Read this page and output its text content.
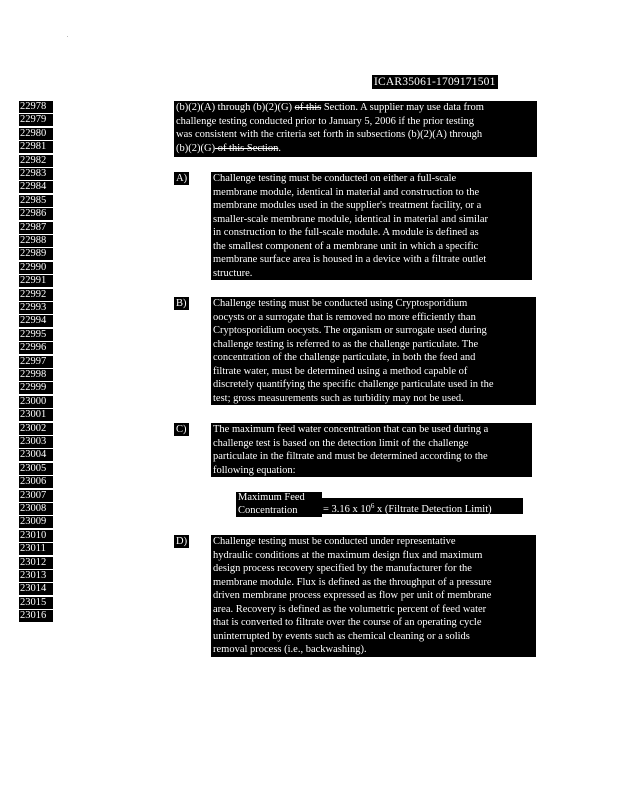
ICAR35061-1709171501
22978
22979
22980
22981
22982
22983
22984
22985
22986
22987
22988
22989
22990
22991
22992
22993
22994
22995
22996
22997
22998
22999
23000
23001
23002
23003
23004
23005
23006
23007
23008
23009
23010
23011
23012
23013
23014
23015
23016
(b)(2)(A) through (b)(2)(G) of this Section. A supplier may use data from
challenge testing conducted prior to January 5, 2006 if the prior testing
was consistent with the criteria set forth in subsections (b)(2)(A) through
(b)(2)(G) of this Section.
A) Challenge testing must be conducted on either a full-scale
membrane module, identical in material and construction to the
membrane modules used in the supplier's treatment facility, or a
smaller-scale membrane module, identical in material and similar
in construction to the full-scale module. A module is defined as
the smallest component of a membrane unit in which a specific
membrane surface area is housed in a device with a filtrate outlet
structure.
B)	Challenge testing must be conducted using Cryptosporidium
oocysts or a surrogate that is removed no more efficiently than
Cryptosporidium oocysts. The organism or surrogate used during
challenge testing is referred to as the challenge particulate. The
concentration of the challenge particulate, in both the feed and
filtrate water, must be determined using a method capable of
discretely quantifying the specific challenge particulate used in the
test; gross measurements such as turbidity may not be used.
C)	The maximum feed water concentration that can be used during a
challenge test is based on the detection limit of the challenge
particulate in the filtrate and must be determined according to the
following equation:
Maximum Feed
Concentration	= 3.16 x $10^6$ x (Filtrate Detection Limit)
D) Challenge testing must be conducted under representative
hydraulic conditions at the maximum design flux and maximum
design process recovery specified by the manufacturer for the
membrane module. Flux is defined as the throughput of a pressure
driven membrane process expressed as flow per unit of membrane
area. Recovery is defined as the volumetric percent of feed water
that is converted to filtrate over the course of an operating cycle
uninterrupted by events such as chemical cleaning or a solids
removal process (i.e., backwashing).
